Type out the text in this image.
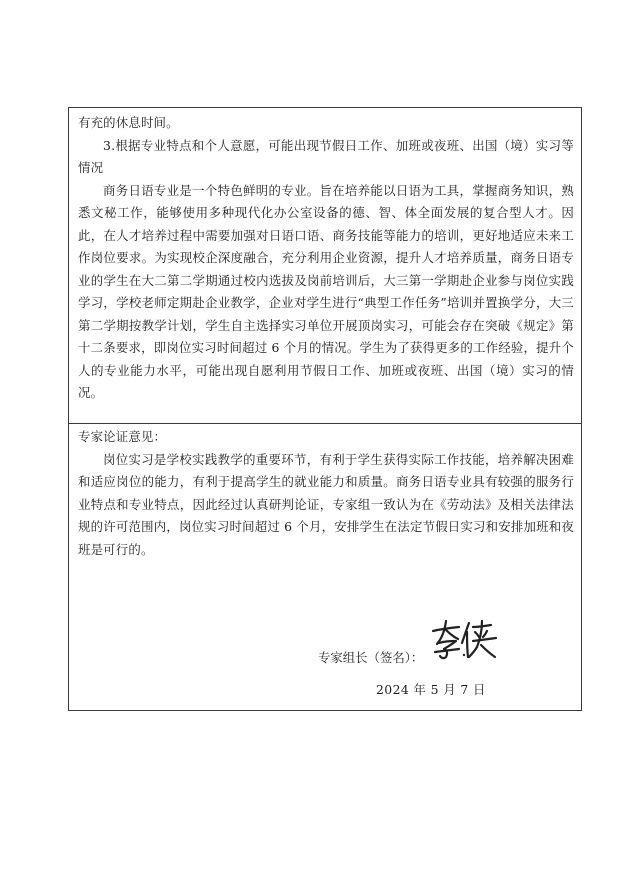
有充的休息时间。

3.根据专业特点和个人意愿，可能出现节假日工作、加班或夜班、出国（境）实习等情况

商务日语专业是一个特色鲜明的专业。旨在培养能以日语为工具，掌握商务知识，熟悉文秘工作，能够使用多种现代化办公室设备的德、智、体全面发展的复合型人才。因此，在人才培养过程中需要加强对日语口语、商务技能等能力的培训，更好地适应未来工作岗位要求。为实现校企深度融合，充分利用企业资源，提升人才培养质量，商务日语专业的学生在大二第二学期通过校内选拔及岗前培训后，大三第一学期赴企业参与岗位实践学习，学校老师定期赴企业教学，企业对学生进行“典型工作任务”培训并置换学分，大三第二学期按教学计划，学生自主选择实习单位开展顶岗实习，可能会存在突破《规定》第十二条要求，即岗位实习时间超过 6 个月的情况。学生为了获得更多的工作经验，提升个人的专业能力水平，可能出现自愿利用节假日工作、加班或夜班、出国（境）实习的情况。

专家论证意见：

岗位实习是学校实践教学的重要环节，有利于学生获得实际工作技能，培养解决困难和适应岗位的能力，有利于提高学生的就业能力和质量。商务日语专业具有较强的服务行业特点和专业特点，因此经过认真研判论证，专家组一致认为在《劳动法》及相关法律法规的许可范围内，岗位实习时间超过 6 个月，安排学生在法定节假日实习和安排加班和夜班是可行的。

专家组长（签名）：
2024 年 5 月 7 日
